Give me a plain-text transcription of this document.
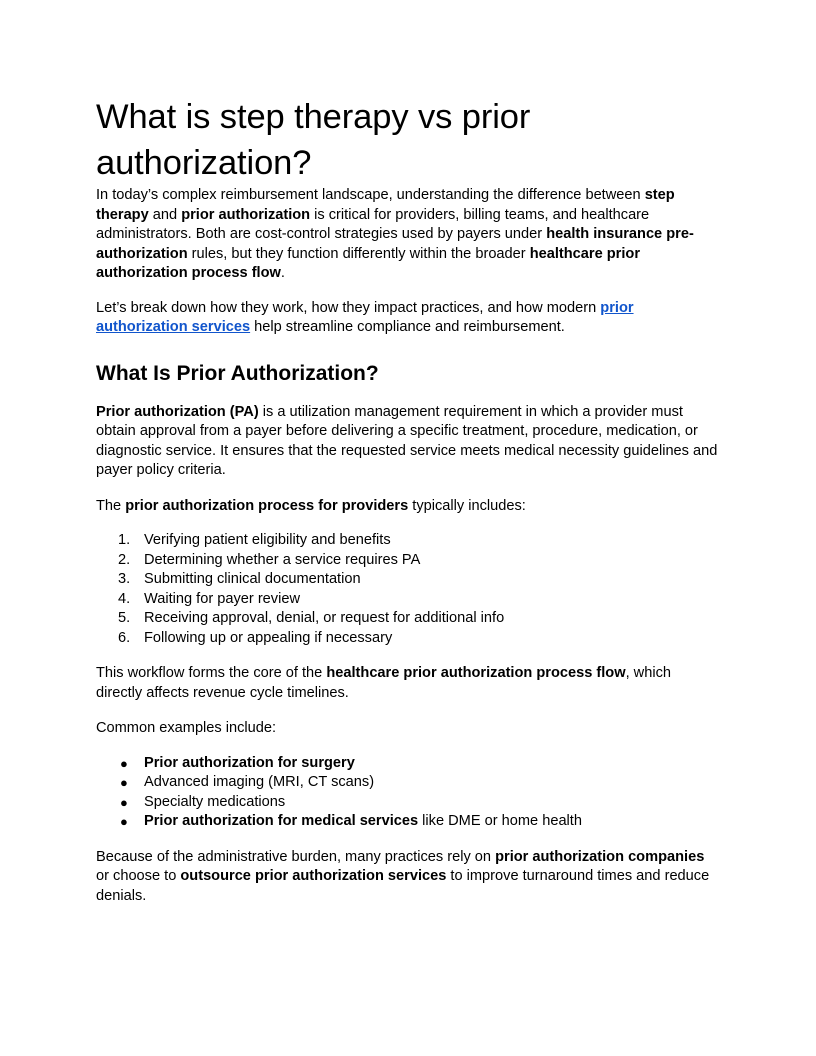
What is step therapy vs prior authorization?

In today’s complex reimbursement landscape, understanding the difference between step therapy and prior authorization is critical for providers, billing teams, and healthcare administrators. Both are cost-control strategies used by payers under health insurance pre-authorization rules, but they function differently within the broader healthcare prior authorization process flow.

Let’s break down how they work, how they impact practices, and how modern prior authorization services help streamline compliance and reimbursement.

What Is Prior Authorization?

Prior authorization (PA) is a utilization management requirement in which a provider must obtain approval from a payer before delivering a specific treatment, procedure, medication, or diagnostic service. It ensures that the requested service meets medical necessity guidelines and payer policy criteria.

The prior authorization process for providers typically includes:

1. Verifying patient eligibility and benefits
2. Determining whether a service requires PA
3. Submitting clinical documentation
4. Waiting for payer review
5. Receiving approval, denial, or request for additional info
6. Following up or appealing if necessary

This workflow forms the core of the healthcare prior authorization process flow, which directly affects revenue cycle timelines.

Common examples include:

●	Prior authorization for surgery
●	Advanced imaging (MRI, CT scans)
●	Specialty medications
●	Prior authorization for medical services like DME or home health

Because of the administrative burden, many practices rely on prior authorization companies or choose to outsource prior authorization services to improve turnaround times and reduce denials.
